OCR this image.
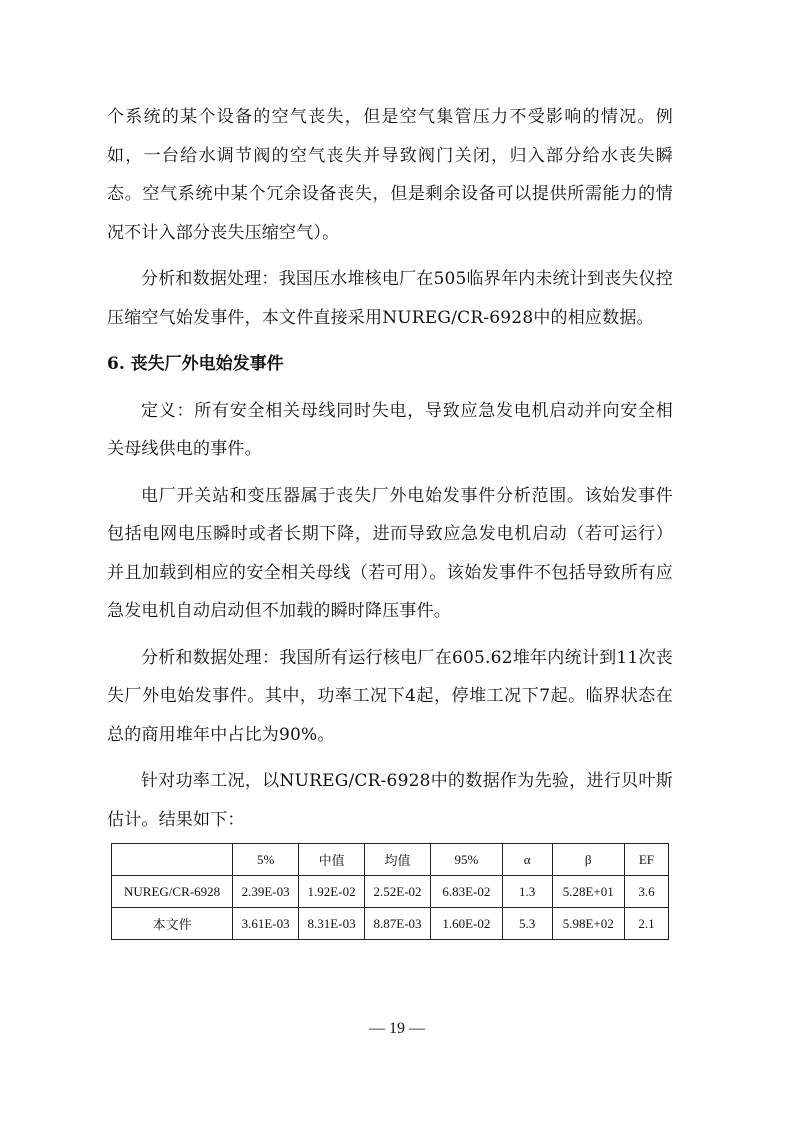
个系统的某个设备的空气丧失，但是空气集管压力不受影响的情况。例如，一台给水调节阀的空气丧失并导致阀门关闭，归入部分给水丧失瞬态。空气系统中某个冗余设备丧失，但是剩余设备可以提供所需能力的情况不计入部分丧失压缩空气）。

分析和数据处理：我国压水堆核电厂在505临界年内未统计到丧失仪控压缩空气始发事件，本文件直接采用NUREG/CR-6928中的相应数据。

6. 丧失厂外电始发事件

定义：所有安全相关母线同时失电，导致应急发电机启动并向安全相关母线供电的事件。

电厂开关站和变压器属于丧失厂外电始发事件分析范围。该始发事件包括电网电压瞬时或者长期下降，进而导致应急发电机启动（若可运行）并且加载到相应的安全相关母线（若可用）。该始发事件不包括导致所有应急发电机自动启动但不加载的瞬时降压事件。

分析和数据处理：我国所有运行核电厂在605.62堆年内统计到11次丧失厂外电始发事件。其中，功率工况下4起，停堆工况下7起。临界状态在总的商用堆年中占比为90%。

针对功率工况，以NUREG/CR-6928中的数据作为先验，进行贝叶斯估计。结果如下：

	5%	中值	均值	95%	α	β	EF
NUREG/CR-6928	2.39E-03	1.92E-02	2.52E-02	6.83E-02	1.3	5.28E+01	3.6
本文件	3.61E-03	8.31E-03	8.87E-03	1.60E-02	5.3	5.98E+02	2.1
— 19 —
